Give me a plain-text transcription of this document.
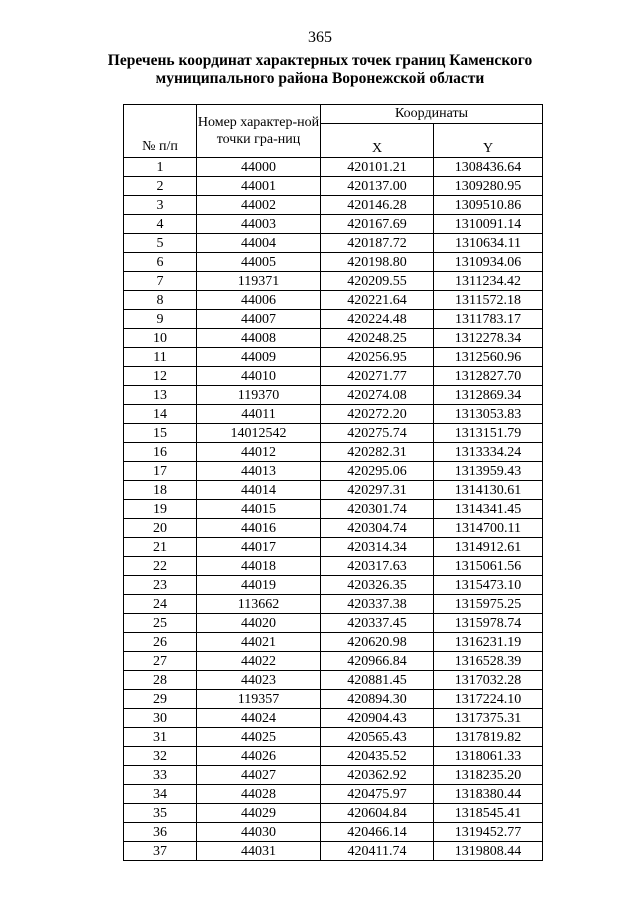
365
Перечень координат характерных точек границ Каменского
муниципального района Воронежской области
№ п/п	Номер характер-ной точки гра-ниц	Координаты	
		X	Y
1	44000	420101.21	1308436.64
2	44001	420137.00	1309280.95
3	44002	420146.28	1309510.86
4	44003	420167.69	1310091.14
5	44004	420187.72	1310634.11
6	44005	420198.80	1310934.06
7	119371	420209.55	1311234.42
8	44006	420221.64	1311572.18
9	44007	420224.48	1311783.17
10	44008	420248.25	1312278.34
11	44009	420256.95	1312560.96
12	44010	420271.77	1312827.70
13	119370	420274.08	1312869.34
14	44011	420272.20	1313053.83
15	14012542	420275.74	1313151.79
16	44012	420282.31	1313334.24
17	44013	420295.06	1313959.43
18	44014	420297.31	1314130.61
19	44015	420301.74	1314341.45
20	44016	420304.74	1314700.11
21	44017	420314.34	1314912.61
22	44018	420317.63	1315061.56
23	44019	420326.35	1315473.10
24	113662	420337.38	1315975.25
25	44020	420337.45	1315978.74
26	44021	420620.98	1316231.19
27	44022	420966.84	1316528.39
28	44023	420881.45	1317032.28
29	119357	420894.30	1317224.10
30	44024	420904.43	1317375.31
31	44025	420565.43	1317819.82
32	44026	420435.52	1318061.33
33	44027	420362.92	1318235.20
34	44028	420475.97	1318380.44
35	44029	420604.84	1318545.41
36	44030	420466.14	1319452.77
37	44031	420411.74	1319808.44
